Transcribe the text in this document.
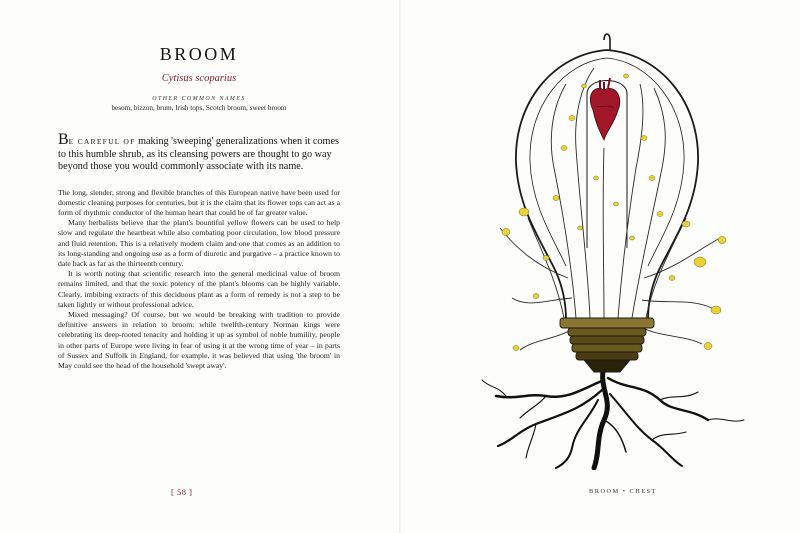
BROOM
Cytisus scoparius
OTHER COMMON NAMES
besom, bizzon, brum, Irish tops, Scotch broom, sweet broom
BE CAREFUL OF making 'sweeping' generalizations when it comes to this humble shrub, as its cleansing powers are thought to go way beyond those you would commonly associate with its name.

The long, slender, strong and flexible branches of this European native have been used for domestic cleaning purposes for centuries, but it is the claim that its flower tops can act as a form of rhythmic conductor of the human heart that could be of far greater value.

Many herbalists believe that the plant's bountiful yellow flowers can be used to help slow and regulate the heartbeat while also combating poor circulation, low blood pressure and fluid retention. This is a relatively modern claim and one that comes as an addition to its long-standing and ongoing use as a form of diuretic and purgative – a practice known to date back as far as the thirteenth century.

It is worth noting that scientific research into the general medicinal value of broom remains limited, and that the toxic potency of the plant's blooms can be highly variable. Clearly, imbibing extracts of this deciduous plant as a form of remedy is not a step to be taken lightly or without professional advice.

Mixed messaging? Of course, but we would be breaking with tradition to provide definitive answers in relation to broom: while twelfth-century Norman kings were celebrating its deep-rooted tenacity and holding it up as symbol of noble humility, people in other parts of Europe were living in fear of using it at the wrong time of year – in parts of Sussex and Suffolk in England, for example, it was believed that using 'the broom' in May could see the head of the household 'swept away'.

[ 58 ]	BROOM • CHEST
